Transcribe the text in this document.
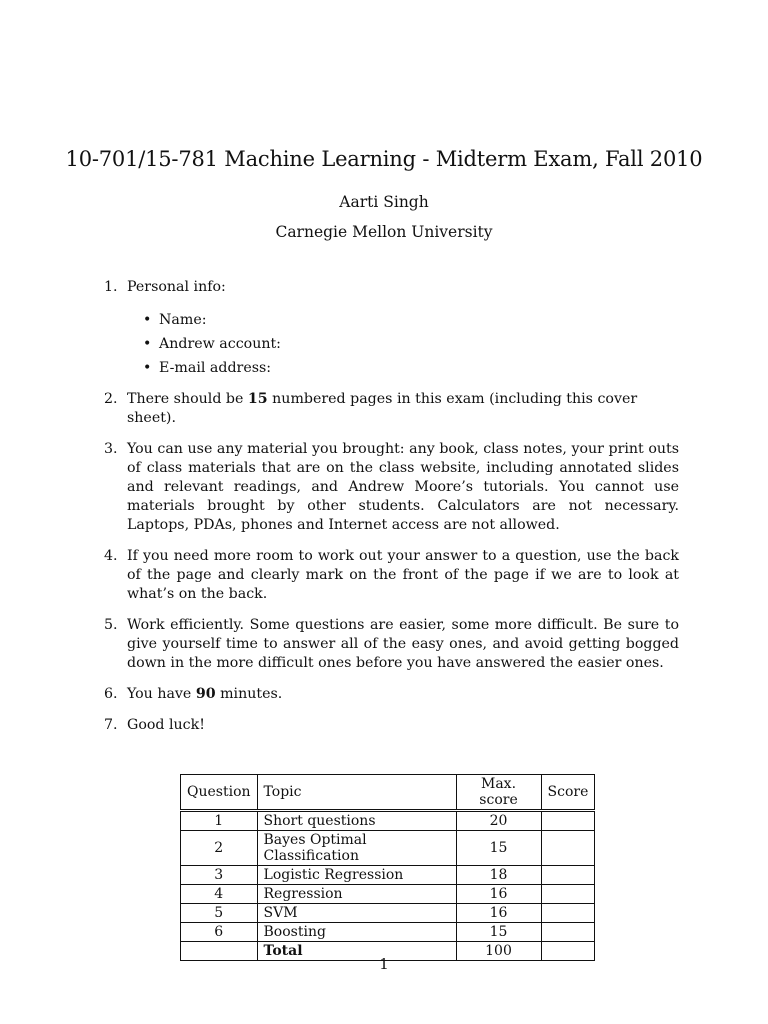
10-701/15-781 Machine Learning - Midterm Exam, Fall 2010
Aarti Singh
Carnegie Mellon University
1. Personal info:
• Name:
• Andrew account:
• E-mail address:
2. There should be 15 numbered pages in this exam (including this cover sheet).
3. You can use any material you brought: any book, class notes, your print outs of class materials that are on the class website, including annotated slides and relevant readings, and Andrew Moore’s tutorials. You cannot use materials brought by other students. Calculators are not necessary. Laptops, PDAs, phones and Internet access are not allowed.
4. If you need more room to work out your answer to a question, use the back of the page and clearly mark on the front of the page if we are to look at what’s on the back.
5. Work efficiently. Some questions are easier, some more difficult. Be sure to give yourself time to answer all of the easy ones, and avoid getting bogged down in the more difficult ones before you have answered the easier ones.
6. You have 90 minutes.
7. Good luck!
Question	Topic	Max. score	Score
1	Short questions	20	
2	Bayes Optimal Classification	15	
3	Logistic Regression	18	
4	Regression	16	
5	SVM	16	
6	Boosting	15	
	Total	100	
1
